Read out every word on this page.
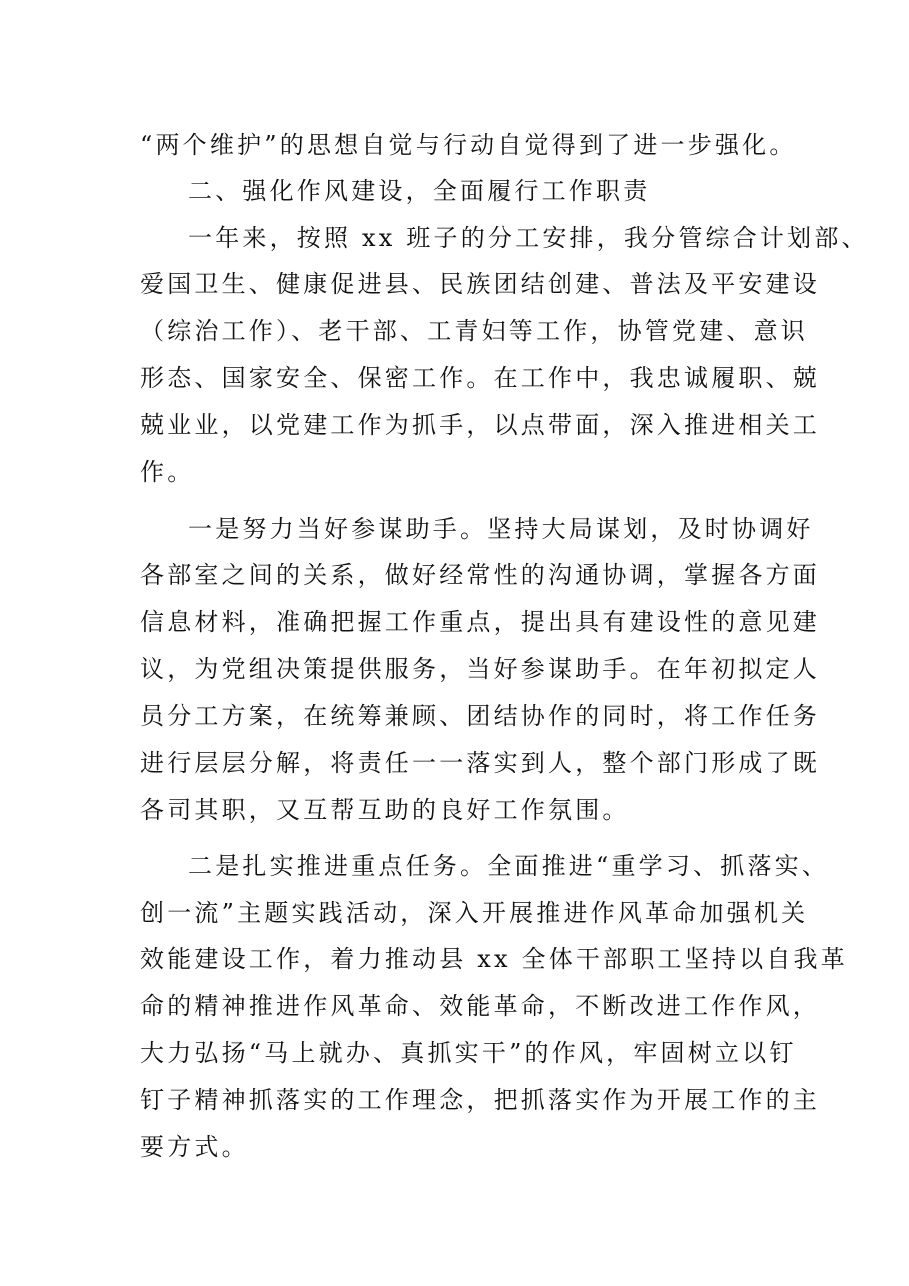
“两个维护”的思想自觉与行动自觉得到了进一步强化。
二、强化作风建设，全面履行工作职责
一年来，按照 xx 班子的分工安排，我分管综合计划部、
爱国卫生、健康促进县、民族团结创建、普法及平安建设
（综治工作）、老干部、工青妇等工作，协管党建、意识
形态、国家安全、保密工作。在工作中，我忠诚履职、兢
兢业业，以党建工作为抓手，以点带面，深入推进相关工
作。
一是努力当好参谋助手。坚持大局谋划，及时协调好
各部室之间的关系，做好经常性的沟通协调，掌握各方面
信息材料，准确把握工作重点，提出具有建设性的意见建
议，为党组决策提供服务，当好参谋助手。在年初拟定人
员分工方案，在统筹兼顾、团结协作的同时，将工作任务
进行层层分解，将责任一一落实到人，整个部门形成了既
各司其职，又互帮互助的良好工作氛围。
二是扎实推进重点任务。全面推进“重学习、抓落实、
创一流”主题实践活动，深入开展推进作风革命加强机关
效能建设工作，着力推动县 xx 全体干部职工坚持以自我革
命的精神推进作风革命、效能革命，不断改进工作作风，
大力弘扬“马上就办、真抓实干”的作风，牢固树立以钉
钉子精神抓落实的工作理念，把抓落实作为开展工作的主
要方式。
